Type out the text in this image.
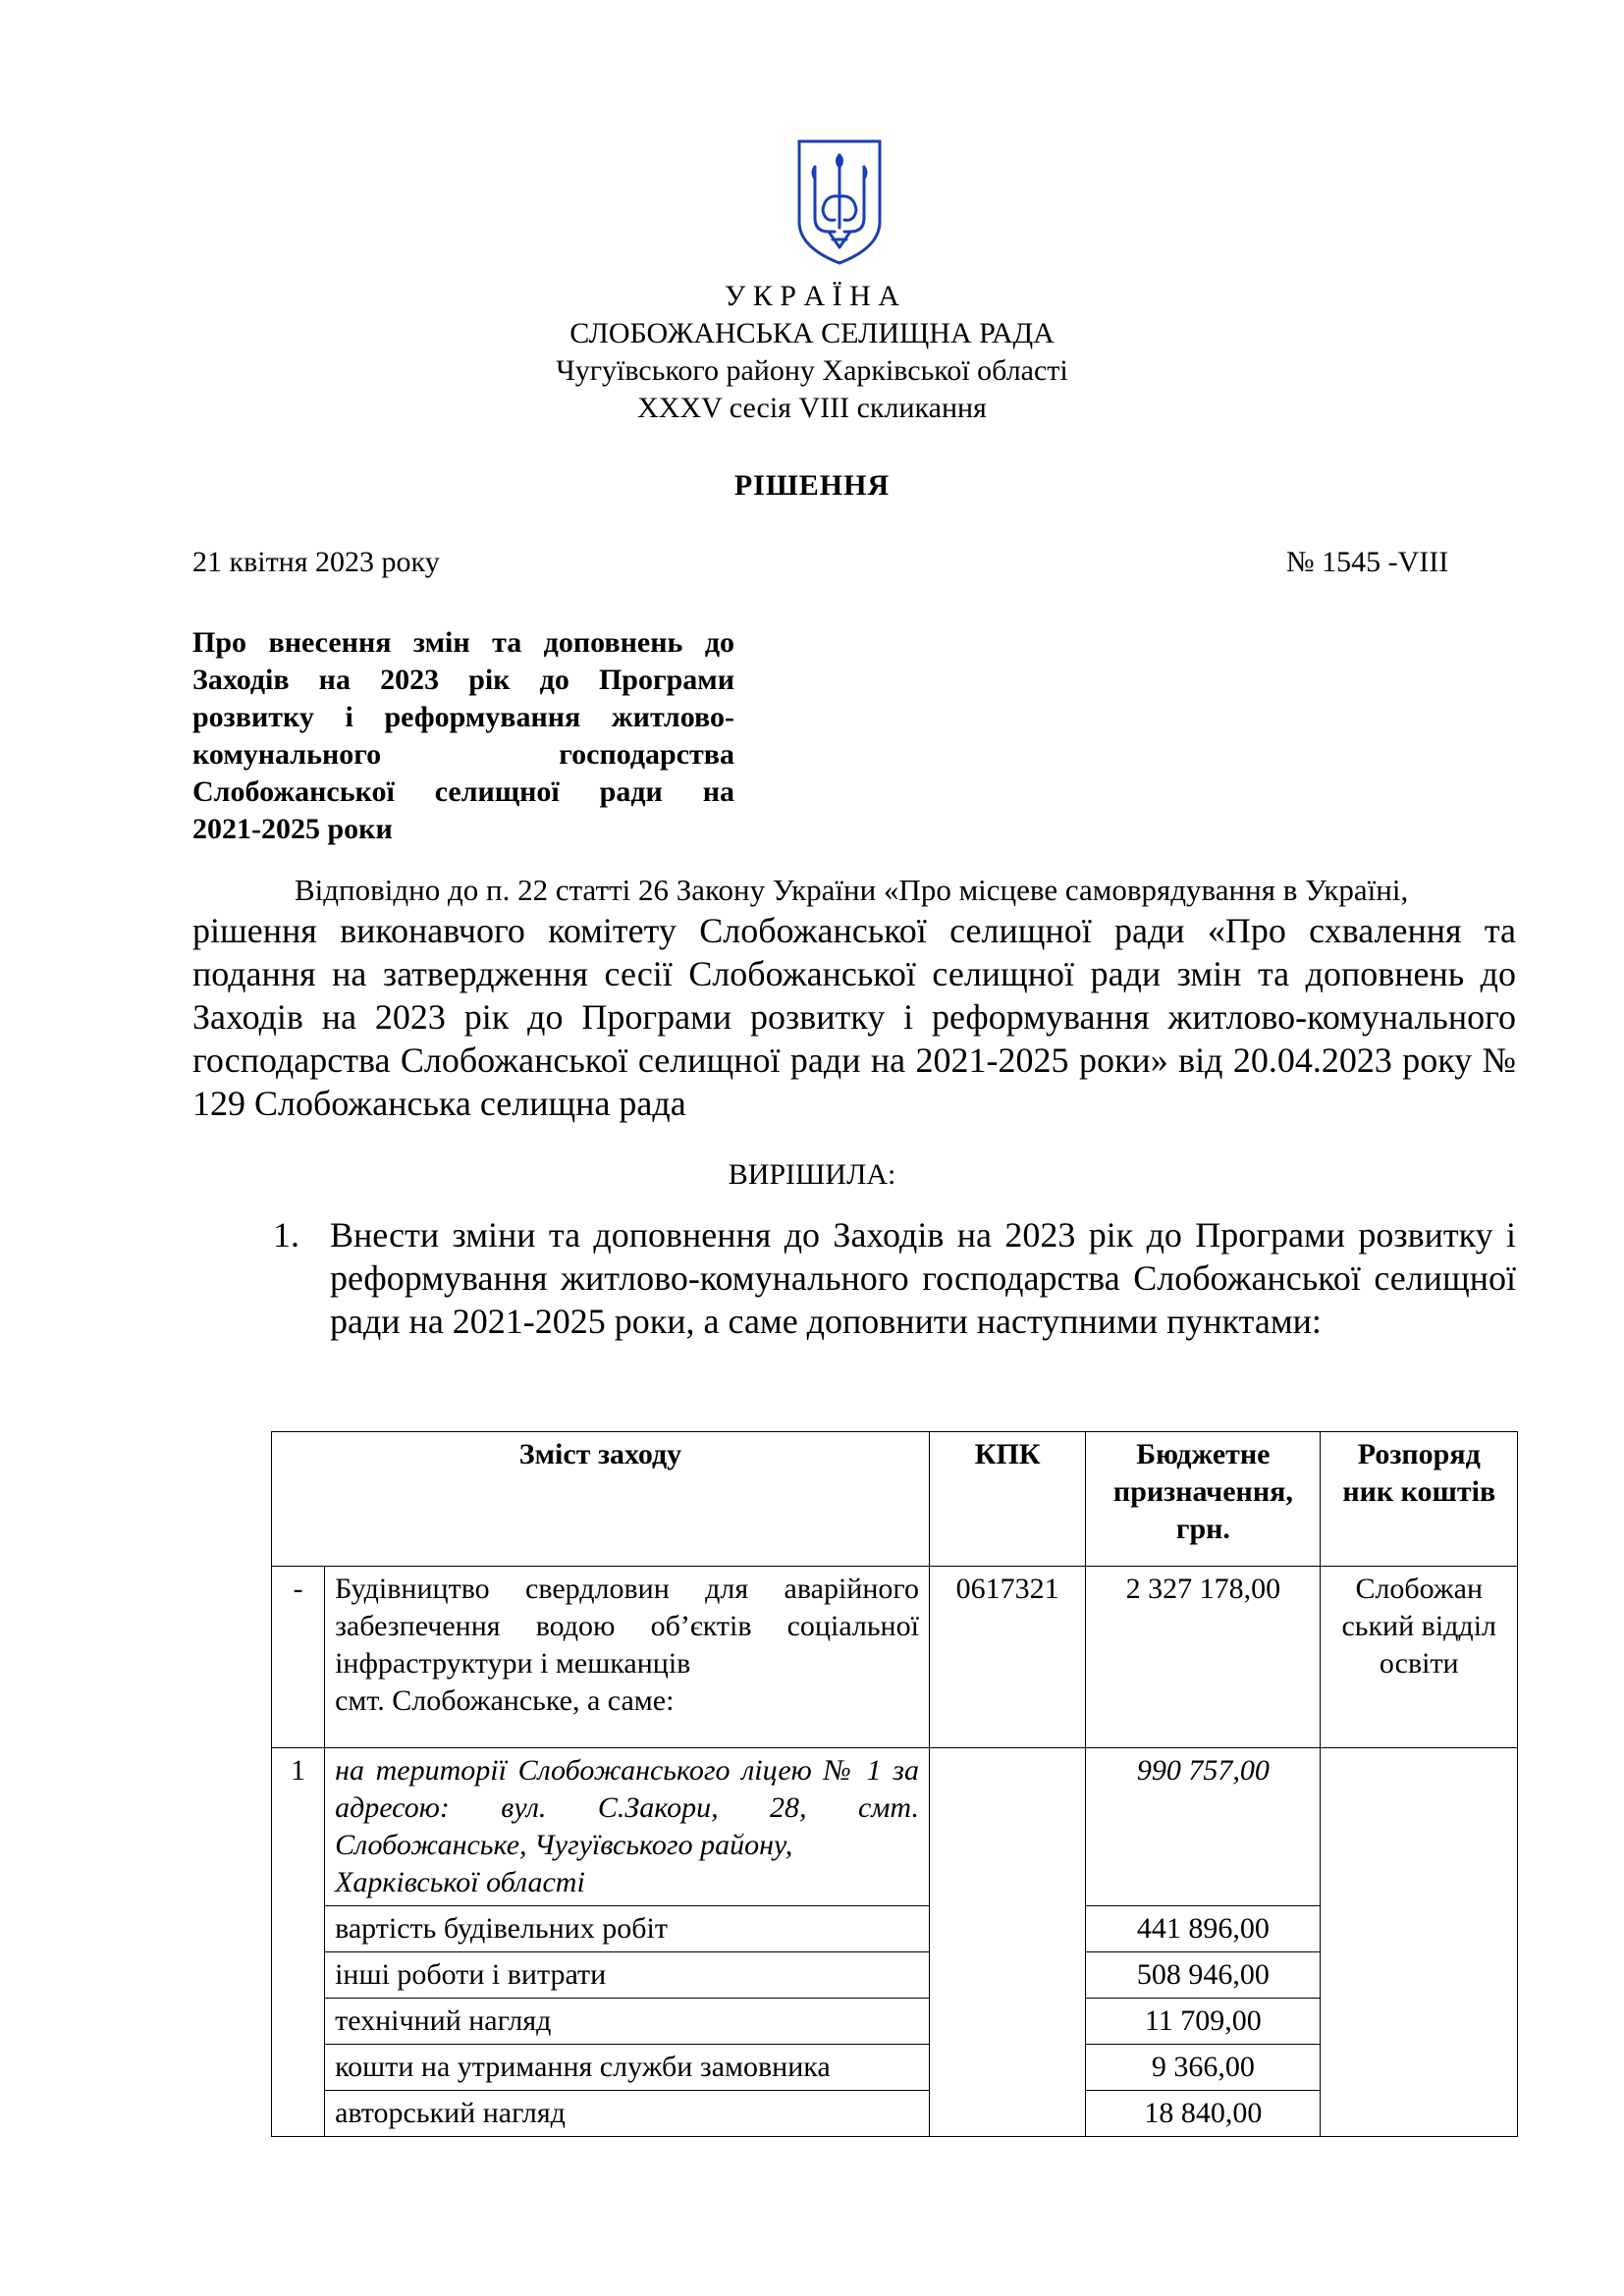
У К Р А Ї Н А
СЛОБОЖАНСЬКА СЕЛИЩНА РАДА
Чугуївського району Харківської області
XXXV сесія VIII скликання
РІШЕННЯ
21 квітня 2023 року	№ 1545 -VIII
Про внесення змін та доповнень до
Заходів на 2023 рік до Програми
розвитку і реформування житлово-
комунального господарства
Слобожанської селищної ради на
2021-2025 роки
Відповідно до п. 22 статті 26 Закону України «Про місцеве самоврядування в Україні,
рішення виконавчого комітету Слобожанської селищної ради «Про схвалення та подання на затвердження сесії Слобожанської селищної ради змін та доповнень до Заходів на 2023 рік до Програми розвитку і реформування житлово-комунального господарства Слобожанської селищної ради на 2021-2025 роки» від 20.04.2023 року № 129 Слобожанська селищна рада
ВИРІШИЛА:
1. Внести зміни та доповнення до Заходів на 2023 рік до Програми розвитку і реформування житлово-комунального господарства Слобожанської селищної ради на 2021-2025 роки, а саме доповнити наступними пунктами:
Зміст заходу		КПК	Бюджетне призначення, грн.	Розпоряд ник коштів
-	Будівництво свердловин для аварійного забезпечення водою об’єктів соціальної інфраструктури і мешканців
смт. Слобожанське, а саме:	0617321	2 327 178,00	Слобожан ський відділ освіти
1	на території Слобожанського ліцею № 1 за адресою: вул. С.Закори, 28, смт. Слобожанське, Чугуївського району,
Харківської області		990 757,00	
	вартість будівельних робіт		441 896,00	
	інші роботи і витрати		508 946,00	
	технічний нагляд		11 709,00	
	кошти на утримання служби замовника		9 366,00	
	авторський нагляд		18 840,00	
